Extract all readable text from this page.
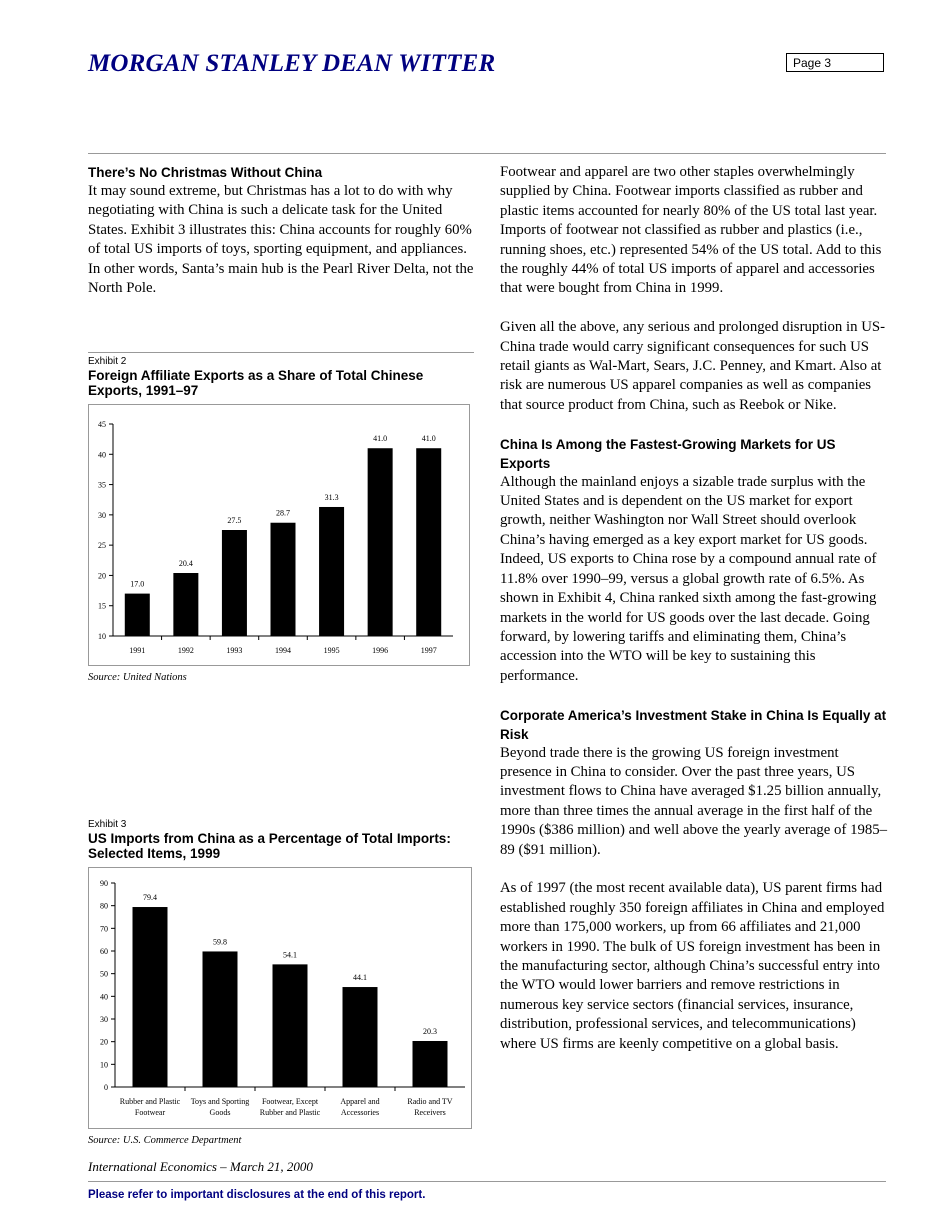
MORGAN STANLEY DEAN WITTER	Page 3

There’s No Christmas Without China

It may sound extreme, but Christmas has a lot to do with why negotiating with China is such a delicate task for the United States. Exhibit 3 illustrates this: China accounts for roughly 60% of total US imports of toys, sporting equipment, and appliances. In other words, Santa’s main hub is the Pearl River Delta, not the North Pole.

Exhibit 2
Foreign Affiliate Exports as a Share of Total Chinese Exports, 1991–97
10
15
20
25
30
35
40
45
17.0
1991
20.4
1992
27.5
1993
28.7
1994
31.3
1995
41.0
1996
41.0
1997
Source: United Nations
Exhibit 3
US Imports from China as a Percentage of Total Imports: Selected Items, 1999
0
10
20
30
40
50
60
70
80
90
79.4
Rubber and Plastic
Footwear
59.8
Toys and Sporting
Goods
54.1
Footwear, Except
Rubber and Plastic
44.1
Apparel and
Accessories
20.3
Radio and TV
Receivers
Source: U.S. Commerce Department

Footwear and apparel are two other staples overwhelmingly supplied by China. Footwear imports classified as rubber and plastic items accounted for nearly 80% of the US total last year. Imports of footwear not classified as rubber and plastics (i.e., running shoes, etc.) represented 54% of the US total. Add to this the roughly 44% of total US imports of apparel and accessories that were bought from China in 1999.

Given all the above, any serious and prolonged disruption in US-China trade would carry significant consequences for such US retail giants as Wal-Mart, Sears, J.C. Penney, and Kmart. Also at risk are numerous US apparel companies as well as companies that source product from China, such as Reebok or Nike.

China Is Among the Fastest-Growing Markets for US Exports

Although the mainland enjoys a sizable trade surplus with the United States and is dependent on the US market for export growth, neither Washington nor Wall Street should overlook China’s having emerged as a key export market for US goods. Indeed, US exports to China rose by a compound annual rate of 11.8% over 1990–99, versus a global growth rate of 6.5%. As shown in Exhibit 4, China ranked sixth among the fast-growing markets in the world for US goods over the last decade. Going forward, by lowering tariffs and eliminating them, China’s accession into the WTO will be key to sustaining this performance.

Corporate America’s Investment Stake in China Is Equally at Risk

Beyond trade there is the growing US foreign investment presence in China to consider. Over the past three years, US investment flows to China have averaged $1.25 billion annually, more than three times the annual average in the first half of the 1990s ($386 million) and well above the yearly average of 1985–89 ($91 million).

As of 1997 (the most recent available data), US parent firms had established roughly 350 foreign affiliates in China and employed more than 175,000 workers, up from 66 affiliates and 21,000 workers in 1990. The bulk of US foreign investment has been in the manufacturing sector, although China’s successful entry into the WTO would lower barriers and remove restrictions in numerous key service sectors (financial services, insurance, distribution, professional services, and telecommunications) where US firms are keenly competitive on a global basis.

International Economics – March 21, 2000
Please refer to important disclosures at the end of this report.
